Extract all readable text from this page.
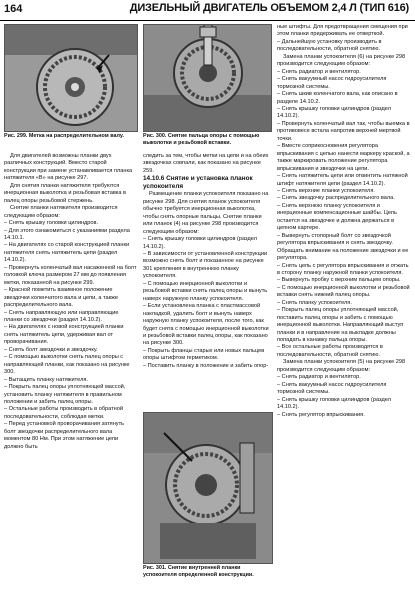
164	ДИЗЕЛЬНЫЙ ДВИГАТЕЛЬ ОБЪЕМОМ 2,4 Л (ТИП 616)
Рис. 299. Метка на распределительном валу.	Рис. 300. Снятие пальца опоры с помощью выколотки и резьбовой вставки.

Для двигателей возможны планки двух различных конструкций. Вместо старой конструкции при замене устанавливается планка натяжителя «В» на рисунке 297.

Для снятия планки натяжителя требуются инерционная выколотка и резьбовая вставка в палец опоры резьбовой стержень.

Снятие планки натяжителя производится следующим образом:

– Снять крышку головки цилиндров.

– Для этого ознакомиться с указаниями раздела 14.10.1.

– На двигателях со старой конструкцией планки натяжителя снять натяжитель цепи (раздел 14.10.2).

– Провернуть коленчатый вал насаженной на болт головкой ключа размером 27 мм до появления метки, показанной на рисунке 299.

– Красной пометить взаимное положение звездочки коленчатого вала и цепи, а также распределительного вала.

– Снять направляющую или направляющие планки со звездочки (раздел 14.10.2).

– На двигателях с новой конструкцией планки снять натяжитель цепи, удерживая вал от проворачивания.

– Снять болт звездочки и звездочку.

– С помощью выколотки снять палец опоры с направляющей планки, как показано на рисунке 300.

– Вытащить планку натяжителя.

– Покрыть палец опоры уплотняющей массой, установить планку натяжителя в правильном положении и забить палец опоры.

– Остальные работы производить в обратной последовательности, соблюдая метки.

– Перед установкой проворачивания затянуть болт звездочки распределительного вала моментом 80 Нм. При этом натяжение цепи должно быть

следить за тем, чтобы метки на цепи и на обеих звездочках совпали, как показано на рисунке 259.

14.10.6 Снятие и установка планок успокоителя

Размещение планки успокоителя показано на рисунке 298. Для снятия планок успокоителя обычно требуется инерционная выколотка, чтобы снять опорные пальцы. Снятие планки или планок (4) на рисунке 298 производится следующим образом:

– Снять крышку головки цилиндров (раздел 14.10.2).

– В зависимости от установленной конструкции возможно снять болт и показанное на рисунке 301 крепления в внутреннюю планку успокоителя.

– С помощью инерционной выколотки и резьбовой вставки снять палец опоры и вынуть наверх наружную планку успокоителя.

– Если установлена планка с пластмассовой накладкой, удалить болт и вынуть наверх наружную планку успокоителя, после того, как будет снята с помощью инерционной выколотки и резьбовой вставки палец опоры, как показано на рисунке 300.

– Покрыть фланцы старых или новых пальцев опоры штифтом герметиком.

– Поставить планку в положение и забить опор-

Рис. 301. Снятие внутренней планки успокоителя определенной конструкции.

ные штифты. Для предотвращения смещения при этом планки придерживать ее отверткой.

– Дальнейшую установку производить в последовательности, обратной снятию.

Замена планки успокоителя (6) на рисунке 298 производится следующим образом:

– Снять радиатор и вентилятор.

– Снять вакуумный насос гидроусилителя тормозной системы.

– Снять шкив коленчатого вала, как описано в разделе 14.10.2.

– Снять крышку головки цилиндров (раздел 14.10.2).

– Провернуть коленчатый вал так, чтобы выемка в противовесе встала напротив верхней мертвой точки.

– Вместе соприкосновения регулятора впрыскивания с цепью нанести маркеру краской, а также маркировать положение регулятора впрыскивания и звездочки на цепи.

– Снять натяжитель цепи или отвинтить натяжной штифт натяжителя цепи (раздел 14.10.2).

– Снять верхние планки успокоителя.

– Снять звездочку распределительного вала.

– Снять верхнюю планку успокоителя и инерционные компенсационные шайбы. Цепь остается на звездочке и должна держаться в цепном картере.

– Вывернуть стопорный болт со звездочкой регулятора впрыскивания и снять звездочку. Обращать внимание на положение звездочки и ее регулятора.

– Снять цепь с регулятора впрыскивания и отжать в сторону планку наружной планки успокоителя.

– Вывернуть пробку с верхним пальцем опоры.

– С помощью инерционной выколотки и резьбовой вставки снять нижний палец опоры.

– Снять планку успокоителя.

– Покрыть палец опоры уплотняющей массой, поставить палец опоры и забить с помощью инерционной выколотки. Направляющий выступ планки и в направление на выкладке должны попадать в канавку пальца опоры.

– Все остальные работы производятся в последовательности, обратной снятию.

Замена планки успокоителя (5) на рисунке 298 производится следующим образом:

– Снять радиатор и вентилятор.

– Снять вакуумный насос гидроусилителя тормозной системы.

– Снять крышку головки цилиндров (раздел 14.10.2).

– Снять регулятор впрыскивания.
